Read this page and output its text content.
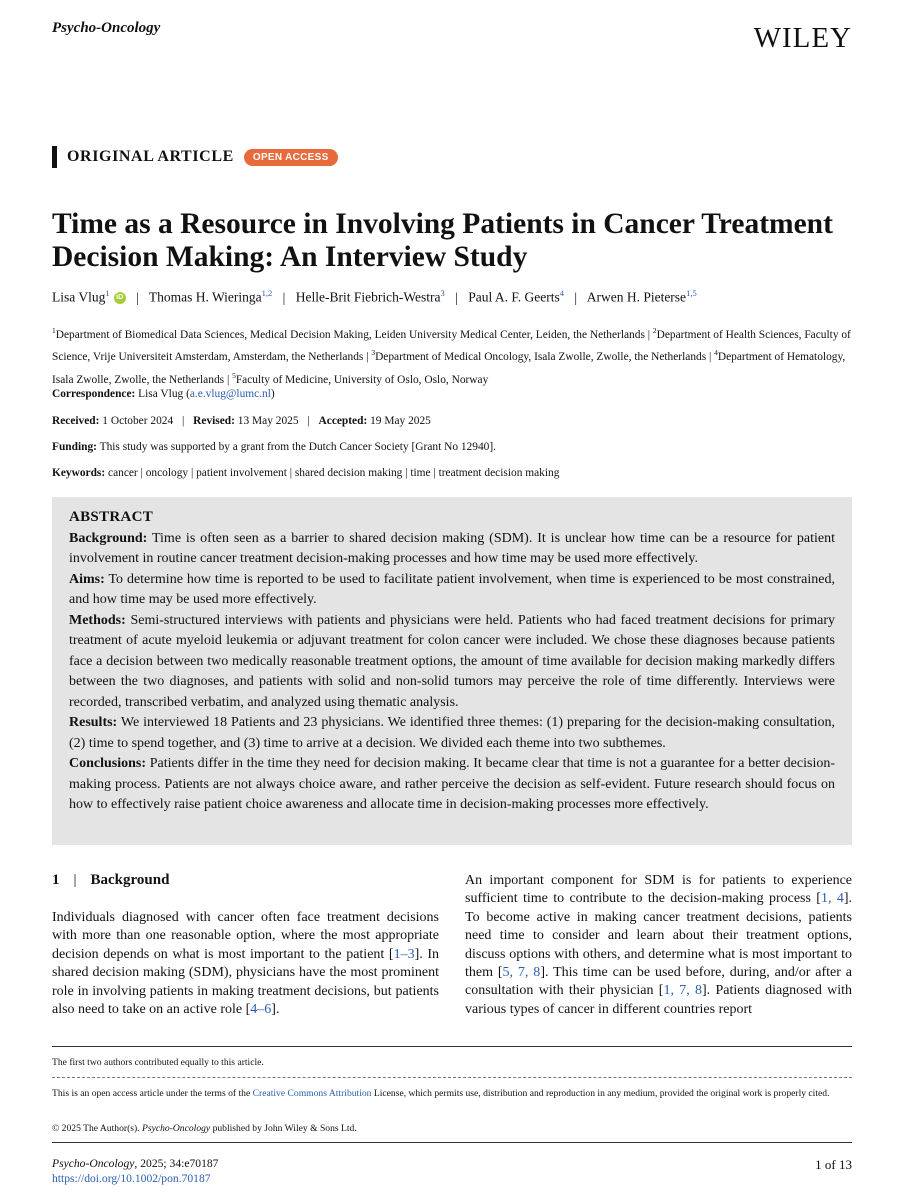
Psycho-Oncology	WILEY
ORIGINAL ARTICLE	OPEN ACCESS
Time as a Resource in Involving Patients in Cancer Treatment Decision Making: An Interview Study
Lisa Vlug$^1$ iD | Thomas H. Wieringa$^{1,2}$ | Helle-Brit Fiebrich-Westra$^3$ | Paul A. F. Geerts$^4$ | Arwen H. Pieterse$^{1,5}$
$^1$Department of Biomedical Data Sciences, Medical Decision Making, Leiden University Medical Center, Leiden, the Netherlands | $^2$Department of Health Sciences, Faculty of Science, Vrije Universiteit Amsterdam, Amsterdam, the Netherlands | $^3$Department of Medical Oncology, Isala Zwolle, Zwolle, the Netherlands | $^4$Department of Hematology, Isala Zwolle, Zwolle, the Netherlands | $^5$Faculty of Medicine, University of Oslo, Oslo, Norway
Correspondence: Lisa Vlug (a.e.vlug@lumc.nl)
Received: 1 October 2024 | Revised: 13 May 2025 | Accepted: 19 May 2025
Funding: This study was supported by a grant from the Dutch Cancer Society [Grant No 12940].
Keywords: cancer | oncology | patient involvement | shared decision making | time | treatment decision making
ABSTRACT

Background: Time is often seen as a barrier to shared decision making (SDM). It is unclear how time can be a resource for patient involvement in routine cancer treatment decision-making processes and how time may be used more effectively.

Aims: To determine how time is reported to be used to facilitate patient involvement, when time is experienced to be most constrained, and how time may be used more effectively.

Methods: Semi-structured interviews with patients and physicians were held. Patients who had faced treatment decisions for primary treatment of acute myeloid leukemia or adjuvant treatment for colon cancer were included. We chose these diagnoses because patients face a decision between two medically reasonable treatment options, the amount of time available for decision making markedly differs between the two diagnoses, and patients with solid and non-solid tumors may perceive the role of time differently. Interviews were recorded, transcribed verbatim, and analyzed using thematic analysis.

Results: We interviewed 18 Patients and 23 physicians. We identified three themes: (1) preparing for the decision-making consultation, (2) time to spend together, and (3) time to arrive at a decision. We divided each theme into two subthemes.

Conclusions: Patients differ in the time they need for decision making. It became clear that time is not a guarantee for a better decision-making process. Patients are not always choice aware, and rather perceive the decision as self-evident. Future research should focus on how to effectively raise patient choice awareness and allocate time in decision-making processes more effectively.

1 | Background

Individuals diagnosed with cancer often face treatment decisions with more than one reasonable option, where the most appropriate decision depends on what is most important to the patient [1–3]. In shared decision making (SDM), physicians have the most prominent role in involving patients in making treatment decisions, but patients also need to take on an active role [4–6].

An important component for SDM is for patients to experience sufficient time to contribute to the decision-making process [1, 4]. To become active in making cancer treatment decisions, patients need time to consider and learn about their treatment options, discuss options with others, and determine what is most important to them [5, 7, 8]. This time can be used before, during, and/or after a consultation with their physician [1, 7, 8]. Patients diagnosed with various types of cancer in different countries report

The first two authors contributed equally to this article.
This is an open access article under the terms of the Creative Commons Attribution License, which permits use, distribution and reproduction in any medium, provided the original work is properly cited.
© 2025 The Author(s). Psycho-Oncology published by John Wiley & Sons Ltd.
Psycho-Oncology, 2025; 34:e70187
https://doi.org/10.1002/pon.70187
1 of 13
